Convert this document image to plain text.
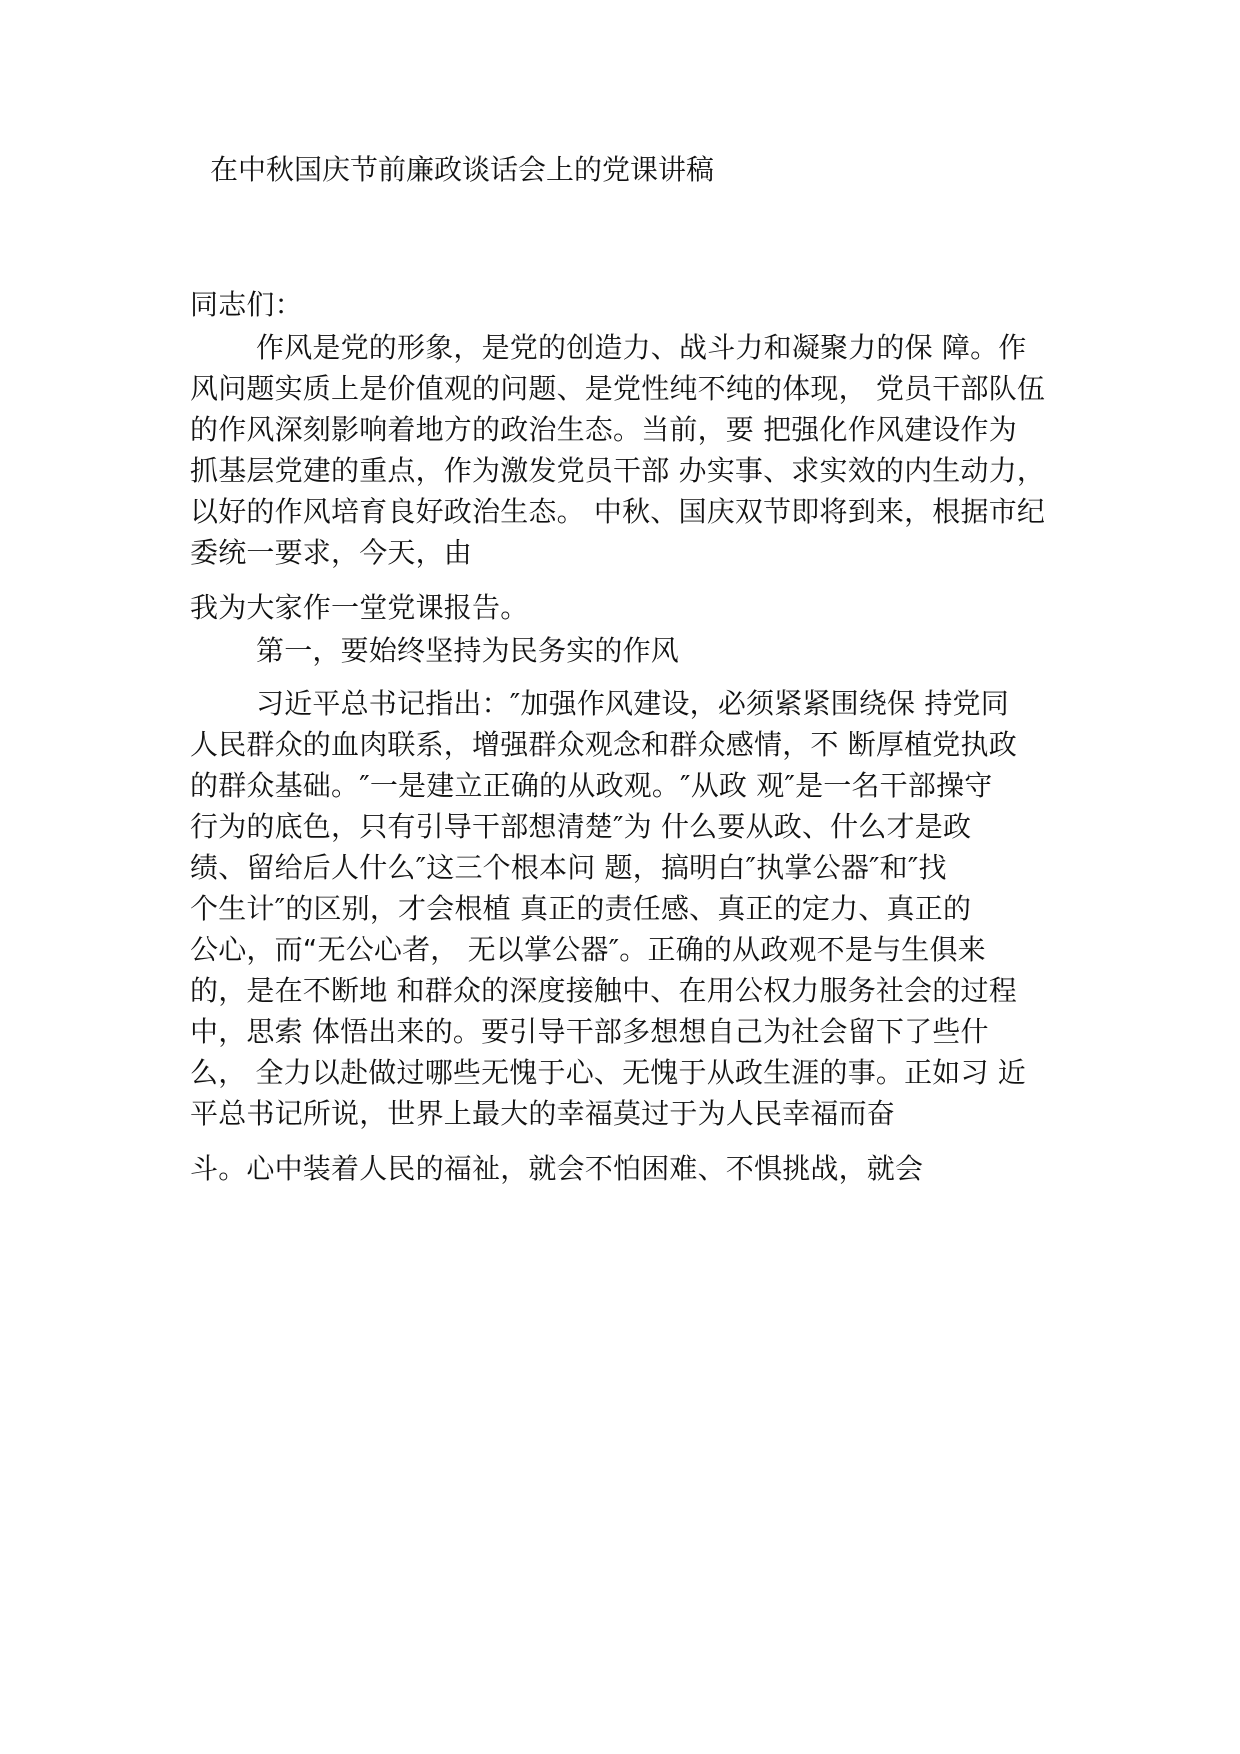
在中秋国庆节前廉政谈话会上的党课讲稿
同志们：
作风是党的形象，是党的创造力、战斗力和凝聚力的保 障。作
风问题实质上是价值观的问题、是党性纯不纯的体现， 党员干部队伍
的作风深刻影响着地方的政治生态。当前，要 把强化作风建设作为
抓基层党建的重点，作为激发党员干部 办实事、求实效的内生动力，
以好的作风培育良好政治生态。 中秋、国庆双节即将到来，根据市纪
委统一要求，今天，由
我为大家作一堂党课报告。
第一，要始终坚持为民务实的作风
习近平总书记指出：″加强作风建设，必须紧紧围绕保 持党同
人民群众的血肉联系，增强群众观念和群众感情，不 断厚植党执政
的群众基础。″一是建立正确的从政观。″从政 观″是一名干部操守
行为的底色，只有引导干部想清楚″为 什么要从政、什么才是政
绩、留给后人什么″这三个根本问 题，搞明白″执掌公器″和″找
个生计″的区别，才会根植 真正的责任感、真正的定力、真正的
公心，而“无公心者， 无以掌公器″。正确的从政观不是与生俱来
的，是在不断地 和群众的深度接触中、在用公权力服务社会的过程
中，思索 体悟出来的。要引导干部多想想自己为社会留下了些什
么， 全力以赴做过哪些无愧于心、无愧于从政生涯的事。正如习 近
平总书记所说，世界上最大的幸福莫过于为人民幸福而奋
斗。心中装着人民的福祉，就会不怕困难、不惧挑战，就会
